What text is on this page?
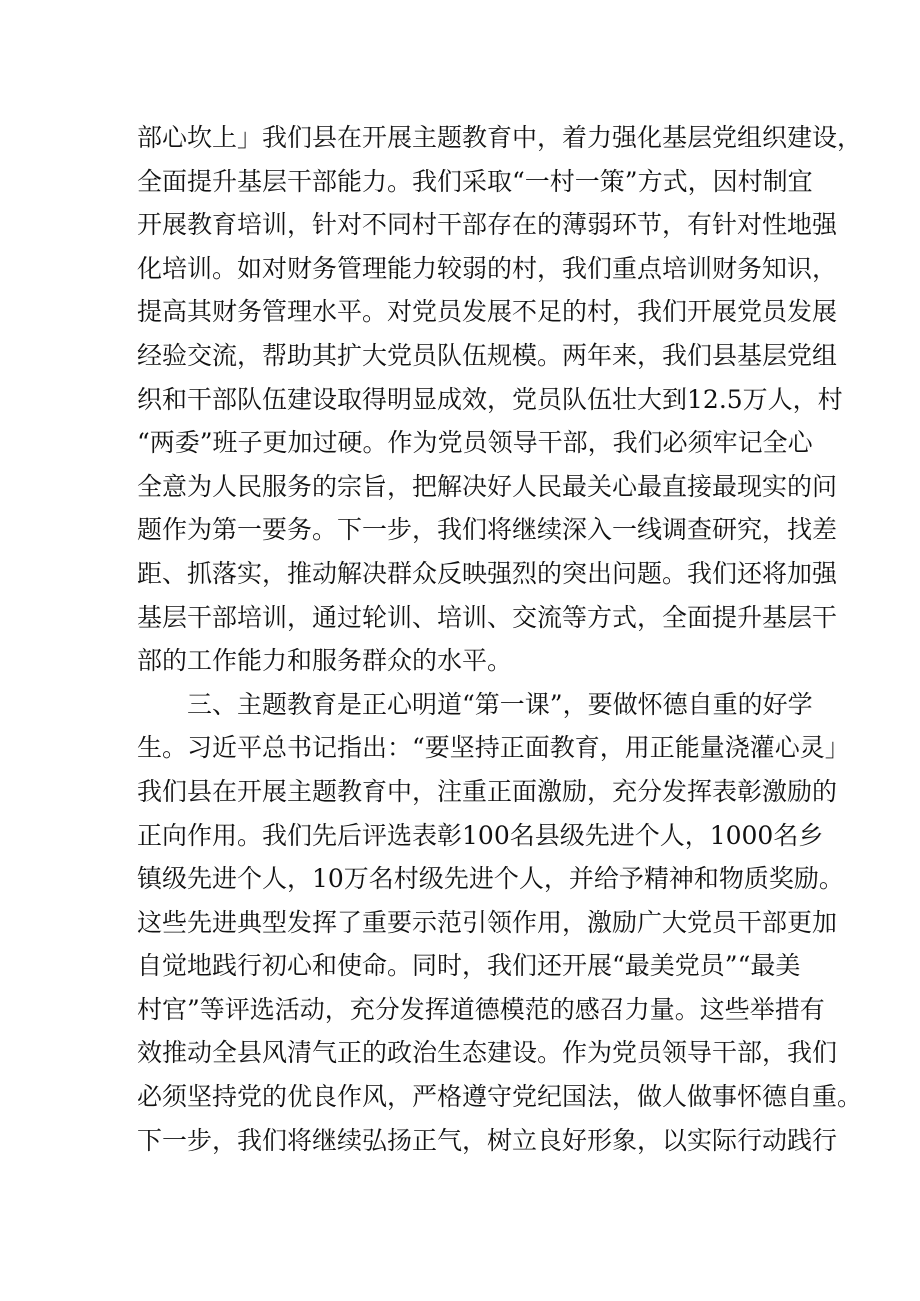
部心坎上」我们县在开展主题教育中，着力强化基层党组织建设，
全面提升基层干部能力。我们采取“一村一策”方式，因村制宜
开展教育培训，针对不同村干部存在的薄弱环节，有针对性地强
化培训。如对财务管理能力较弱的村，我们重点培训财务知识，
提高其财务管理水平。对党员发展不足的村，我们开展党员发展
经验交流，帮助其扩大党员队伍规模。两年来，我们县基层党组
织和干部队伍建设取得明显成效，党员队伍壮大到12.5万人，村
“两委”班子更加过硬。作为党员领导干部，我们必须牢记全心
全意为人民服务的宗旨，把解决好人民最关心最直接最现实的问
题作为第一要务。下一步，我们将继续深入一线调查研究，找差
距、抓落实，推动解决群众反映强烈的突出问题。我们还将加强
基层干部培训，通过轮训、培训、交流等方式，全面提升基层干
部的工作能力和服务群众的水平。
三、主题教育是正心明道“第一课”，要做怀德自重的好学
生。习近平总书记指出：“要坚持正面教育，用正能量浇灌心灵」
我们县在开展主题教育中，注重正面激励，充分发挥表彰激励的
正向作用。我们先后评选表彰100名县级先进个人，1000名乡
镇级先进个人，10万名村级先进个人，并给予精神和物质奖励。
这些先进典型发挥了重要示范引领作用，激励广大党员干部更加
自觉地践行初心和使命。同时，我们还开展“最美党员”“最美
村官”等评选活动，充分发挥道德模范的感召力量。这些举措有
效推动全县风清气正的政治生态建设。作为党员领导干部，我们
必须坚持党的优良作风，严格遵守党纪国法，做人做事怀德自重。
下一步，我们将继续弘扬正气，树立良好形象，以实际行动践行
